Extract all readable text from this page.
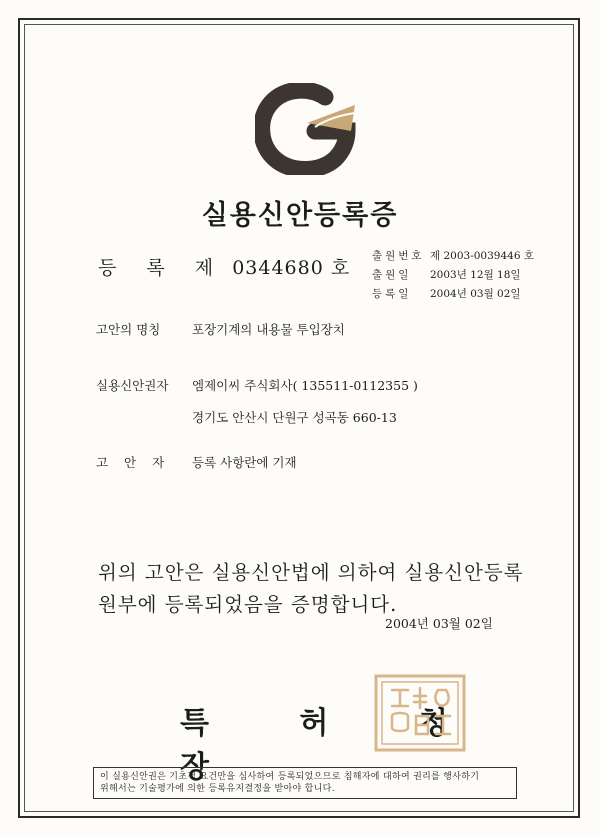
실용신안등록증
등 록 제 0344680 호
출원번호 제 2003-0039446 호
출원일	2003년 12월 18일
등록일	2004년 03월 02일
고안의 명칭	포장기계의 내용물 투입장치
실용신안권자 엠제이씨 주식회사( 135511-0112355 )
경기도 안산시 단원구 성곡동 660-13
고 안 자 등록 사항란에 기재
위의 고안은 실용신안법에 의하여 실용신안등록
원부에 등록되었음을 증명합니다.
2004년 03월 02일
특 허 청 장
이 실용신안권은 기초적 요건만을 심사하여 등록되었으므로 침해자에 대하여 권리를 행사하기
위해서는 기술평가에 의한 등록유지결정을 받아야 합니다.
